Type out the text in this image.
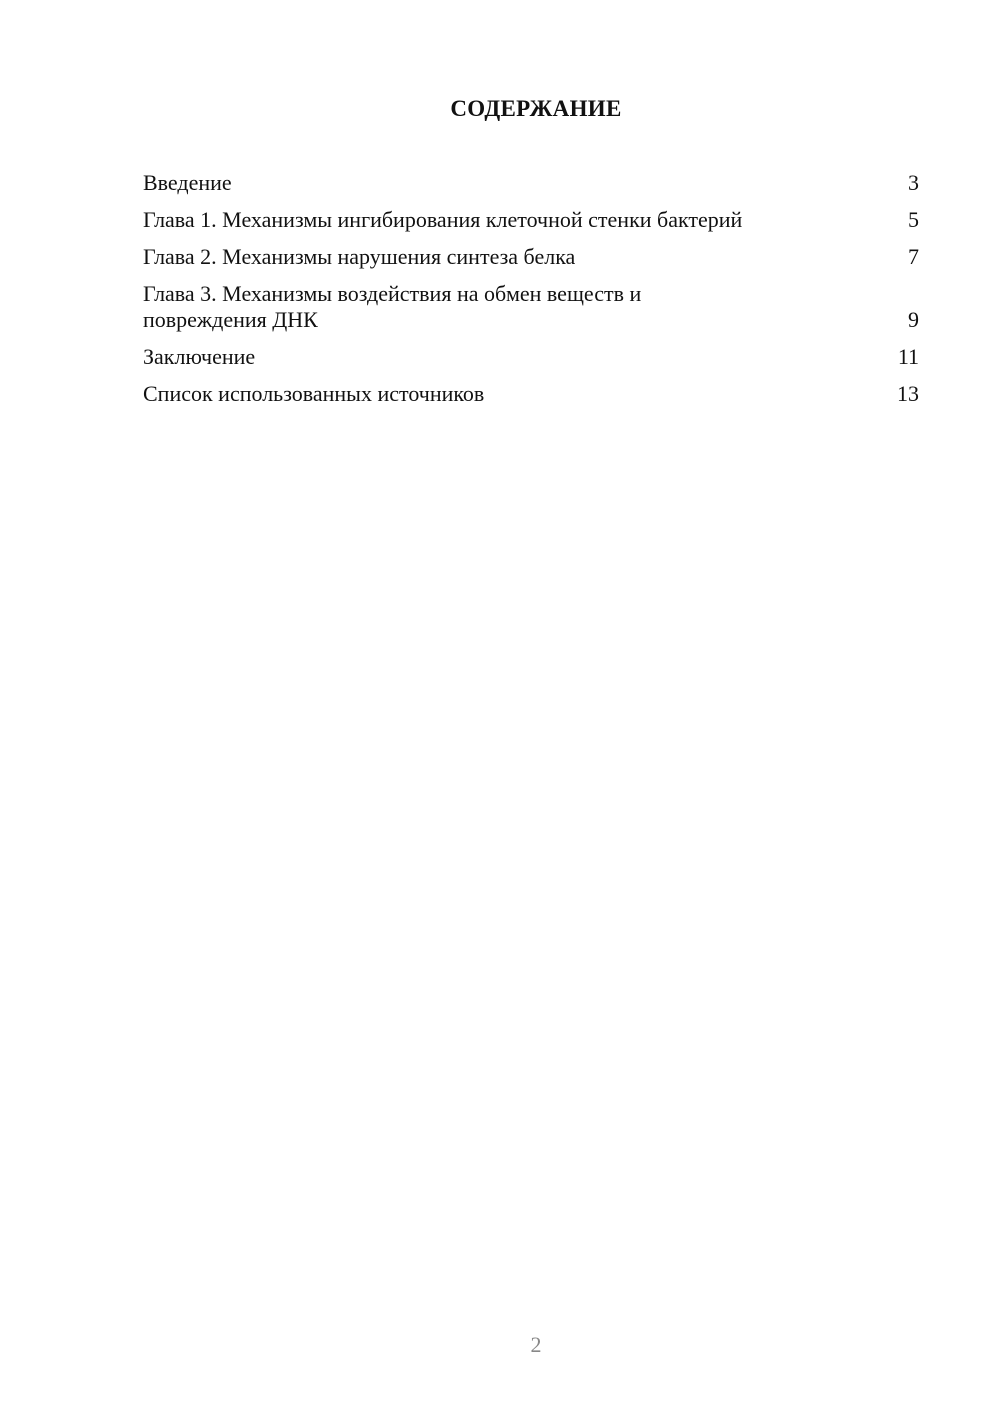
СОДЕРЖАНИЕ
Введение	3
Глава 1. Механизмы ингибирования клеточной стенки бактерий	5
Глава 2. Механизмы нарушения синтеза белка	7
Глава 3. Механизмы воздействия на обмен веществ и повреждения ДНК	9
Заключение	11
Список использованных источников	13
2
